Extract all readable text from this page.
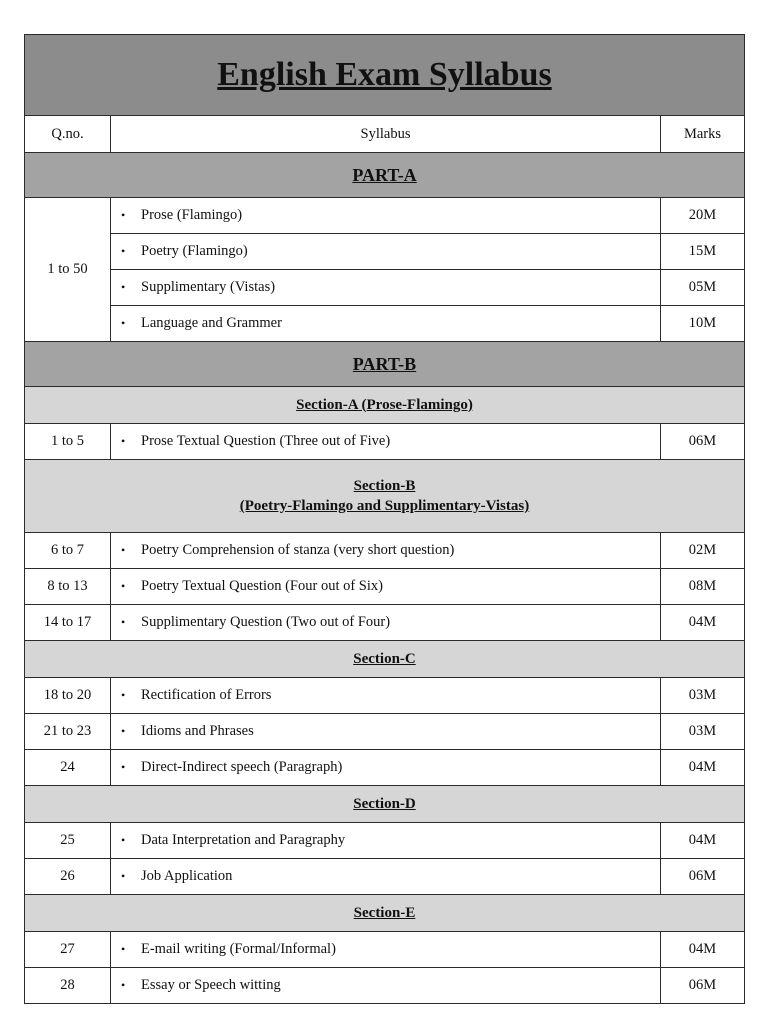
English Exam Syllabus		
Q.no.	Syllabus	Marks
PART-A		
1 to 50	• Prose (Flamingo)	20M
	• Poetry (Flamingo)	15M
	• Supplimentary (Vistas)	05M
	• Language and Grammer	10M
PART-B		
Section-A (Prose-Flamingo)		
1 to 5	• Prose Textual Question (Three out of Five)	06M

Section-B
(Poetry-Flamingo and Supplimentary-Vistas)		

6 to 7	• Poetry Comprehension of stanza (very short question)	02M
8 to 13	• Poetry Textual Question (Four out of Six)	08M
14 to 17	• Supplimentary Question (Two out of Four)	04M
Section-C		
18 to 20	• Rectification of Errors	03M
21 to 23	• Idioms and Phrases	03M
24	• Direct-Indirect speech (Paragraph)	04M
Section-D		
25	• Data Interpretation and Paragraphy	04M
26	• Job Application	06M
Section-E		
27	• E-mail writing (Formal/Informal)	04M
28	• Essay or Speech witting	06M
